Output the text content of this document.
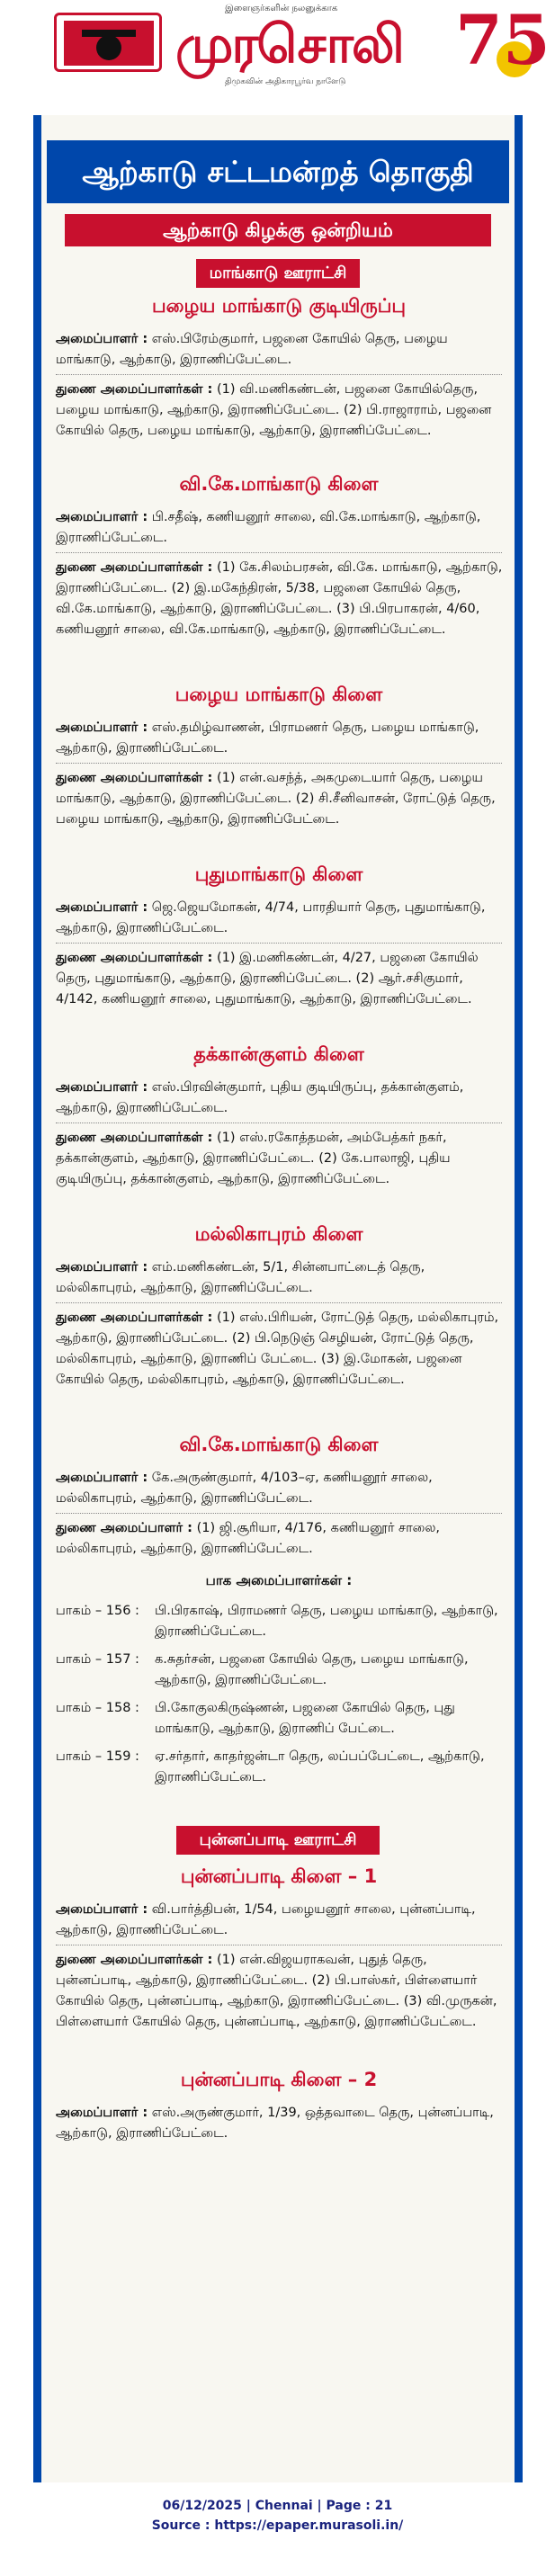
இளைஞர்களின் நலனுக்காக
முரசொலி 75
திமுகவின் அதிகாரபூர்வ நாளேடு
ஆற்காடு சட்டமன்றத் தொகுதி
ஆற்காடு கிழக்கு ஒன்றியம்
மாங்காடு ஊராட்சி
பழைய மாங்காடு குடியிருப்பு
அமைப்பாளர் : எஸ்.பிரேம்குமார், பஜனை கோயில் தெரு, பழைய மாங்காடு, ஆற்காடு, இராணிப்பேட்டை.
துணை அமைப்பாளர்கள் : (1) வி.மணிகண்டன், பஜனை கோயில்தெரு, பழைய மாங்காடு, ஆற்காடு, இராணிப்பேட்டை. (2) பி.ராஜாராம், பஜனை கோயில் தெரு, பழைய மாங்காடு, ஆற்காடு, இராணிப்பேட்டை.
வி.கே.மாங்காடு கிளை
அமைப்பாளர் : பி.சதீஷ், கணியனூர் சாலை, வி.கே.மாங்காடு, ஆற்காடு, இராணிப்பேட்டை.
துணை அமைப்பாளர்கள் : (1) கே.சிலம்பரசன், வி.கே. மாங்காடு, ஆற்காடு, இராணிப்பேட்டை. (2) இ.மகேந்திரன், 5/38, பஜனை கோயில் தெரு, வி.கே.மாங்காடு, ஆற்காடு, இராணிப்பேட்டை. (3) பி.பிரபாகரன், 4/60, கணியனூர் சாலை, வி.கே.மாங்காடு, ஆற்காடு, இராணிப்பேட்டை.
பழைய மாங்காடு கிளை
அமைப்பாளர் : எஸ்.தமிழ்வாணன், பிராமணர் தெரு, பழைய மாங்காடு, ஆற்காடு, இராணிப்பேட்டை.
துணை அமைப்பாளர்கள் : (1) என்.வசந்த், அகமுடையார் தெரு, பழைய மாங்காடு, ஆற்காடு, இராணிப்பேட்டை. (2) சி.சீனிவாசன், ரோட்டுத் தெரு, பழைய மாங்காடு, ஆற்காடு, இராணிப்பேட்டை.
புதுமாங்காடு கிளை
அமைப்பாளர் : ஜெ.ஜெயமோகன், 4/74, பாரதியார் தெரு, புதுமாங்காடு, ஆற்காடு, இராணிப்பேட்டை.
துணை அமைப்பாளர்கள் : (1) இ.மணிகண்டன், 4/27, பஜனை கோயில் தெரு, புதுமாங்காடு, ஆற்காடு, இராணிப்பேட்டை. (2) ஆர்.சசிகுமார், 4/142, கணியனூர் சாலை, புதுமாங்காடு, ஆற்காடு, இராணிப்பேட்டை.
தக்கான்குளம் கிளை
அமைப்பாளர் : எஸ்.பிரவின்குமார், புதிய குடியிருப்பு, தக்கான்குளம், ஆற்காடு, இராணிப்பேட்டை.
துணை அமைப்பாளர்கள் : (1) எஸ்.ரகோத்தமன், அம்பேத்கர் நகர், தக்கான்குளம், ஆற்காடு, இராணிப்பேட்டை. (2) கே.பாலாஜி, புதிய குடியிருப்பு, தக்கான்குளம், ஆற்காடு, இராணிப்பேட்டை.
மல்லிகாபுரம் கிளை
அமைப்பாளர் : எம்.மணிகண்டன், 5/1, சின்னபாட்டைத் தெரு, மல்லிகாபுரம், ஆற்காடு, இராணிப்பேட்டை.
துணை அமைப்பாளர்கள் : (1) எஸ்.பிரியன், ரோட்டுத் தெரு, மல்லிகாபுரம், ஆற்காடு, இராணிப்பேட்டை. (2) பி.நெடுஞ் செழியன், ரோட்டுத் தெரு, மல்லிகாபுரம், ஆற்காடு, இராணிப் பேட்டை. (3) இ.மோகன், பஜனை கோயில் தெரு, மல்லிகாபுரம், ஆற்காடு, இராணிப்பேட்டை.
வி.கே.மாங்காடு கிளை
அமைப்பாளர் : கே.அருண்குமார், 4/103–ஏ, கணியனூர் சாலை, மல்லிகாபுரம், ஆற்காடு, இராணிப்பேட்டை.
துணை அமைப்பாளர் : (1) ஜி.சூரியா, 4/176, கணியனூர் சாலை, மல்லிகாபுரம், ஆற்காடு, இராணிப்பேட்டை.
பாக அமைப்பாளர்கள் :
பாகம் – 156 :	பி.பிரகாஷ், பிராமணர் தெரு, பழைய மாங்காடு, ஆற்காடு, இராணிப்பேட்டை.
பாகம் – 157 :	க.சுதர்சன், பஜனை கோயில் தெரு, பழைய மாங்காடு, ஆற்காடு, இராணிப்பேட்டை.
பாகம் – 158 :	பி.கோகுலகிருஷ்ணன், பஜனை கோயில் தெரு, புது மாங்காடு, ஆற்காடு, இராணிப் பேட்டை.
பாகம் – 159 :	ஏ.சர்தார், காதர்ஜன்டா தெரு, லப்பப்பேட்டை, ஆற்காடு, இராணிப்பேட்டை.
புன்னப்பாடி ஊராட்சி
புன்னப்பாடி கிளை – 1
அமைப்பாளர் : வி.பார்த்திபன், 1/54, பழையனூர் சாலை, புன்னப்பாடி, ஆற்காடு, இராணிப்பேட்டை.
துணை அமைப்பாளர்கள் : (1) என்.விஜயராகவன், புதுத் தெரு, புன்னப்பாடி, ஆற்காடு, இராணிப்பேட்டை. (2) பி.பாஸ்கர், பிள்ளையார் கோயில் தெரு, புன்னப்பாடி, ஆற்காடு, இராணிப்பேட்டை. (3) வி.முருகன், பிள்ளையார் கோயில் தெரு, புன்னப்பாடி, ஆற்காடு, இராணிப்பேட்டை.
புன்னப்பாடி கிளை – 2
அமைப்பாளர் : எஸ்.அருண்குமார், 1/39, ஒத்தவாடை தெரு, புன்னப்பாடி, ஆற்காடு, இராணிப்பேட்டை.
06/12/2025 | Chennai | Page : 21
Source : https://epaper.murasoli.in/
